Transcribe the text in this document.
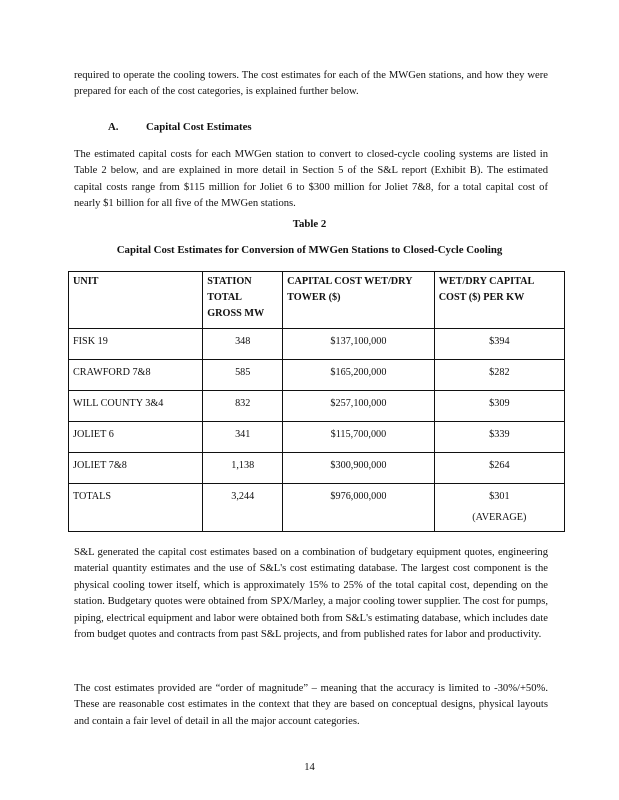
required to operate the cooling towers. The cost estimates for each of the MWGen stations, and how they were prepared for each of the cost categories, is explained further below.

A.	Capital Cost Estimates

The estimated capital costs for each MWGen station to convert to closed-cycle cooling systems are listed in Table 2 below, and are explained in more detail in Section 5 of the S&L report (Exhibit B). The estimated capital costs range from $115 million for Joliet 6 to $300 million for Joliet 7&8, for a total capital cost of nearly $1 billion for all five of the MWGen stations.

Table 2
Capital Cost Estimates for Conversion of MWGen Stations to Closed-Cycle Cooling
UNIT	STATION TOTAL GROSS MW	CAPITAL COST WET/DRY TOWER ($)	WET/DRY CAPITAL COST ($) PER KW
FISK 19	348	$137,100,000	$394
CRAWFORD 7&8	585	$165,200,000	$282
WILL COUNTY 3&4	832	$257,100,000	$309
JOLIET 6	341	$115,700,000	$339
JOLIET 7&8	1,138	$300,900,000	$264
TOTALS	3,244	$976,000,000	$301
(AVERAGE)

S&L generated the capital cost estimates based on a combination of budgetary equipment quotes, engineering material quantity estimates and the use of S&L's cost estimating database. The largest cost component is the physical cooling tower itself, which is approximately 15% to 25% of the total capital cost, depending on the station. Budgetary quotes were obtained from SPX/Marley, a major cooling tower supplier. The cost for pumps, piping, electrical equipment and labor were obtained both from S&L's estimating database, which includes date from budget quotes and contracts from past S&L projects, and from published rates for labor and productivity.

The cost estimates provided are “order of magnitude” – meaning that the accuracy is limited to -30%/+50%. These are reasonable cost estimates in the context that they are based on conceptual designs, physical layouts and contain a fair level of detail in all the major account categories.

14
